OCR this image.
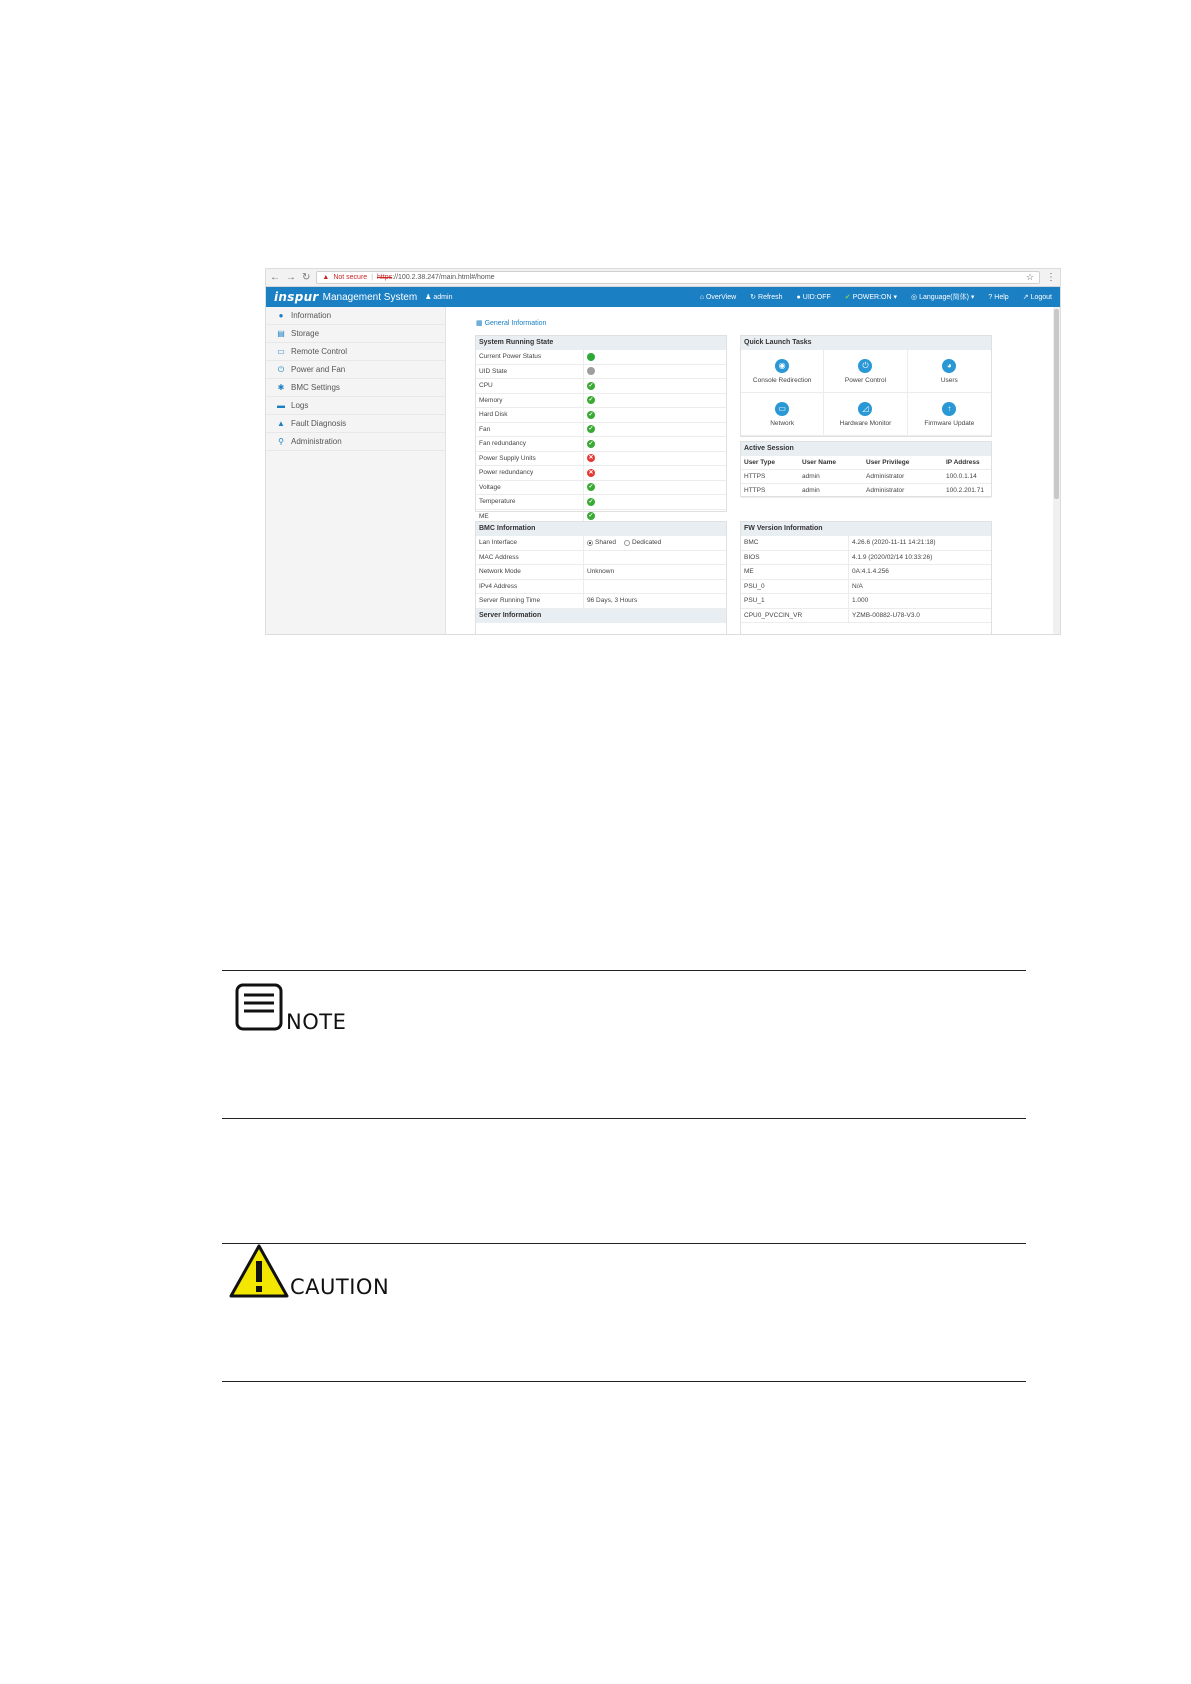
← → ↻ ▲ Not secure | https://100.2.38.247/main.html#/home	☆ ⋮
inspur Management System ♟ admin	⌂ OverView ↻ Refresh ● UID:OFF ✔ POWER:ON ▾ ◎ Language(简体) ▾ ? Help ↗ Logout
● Information
▤ Storage
▭ Remote Control
⏻ Power and Fan
✱ BMC Settings
▬ Logs
▲ Fault Diagnosis
⚲ Administration
▦ General Information
System Running State
Current Power Status
UID State
CPU	✓
Memory	✓
Hard Disk	✓
Fan	✓
Fan redundancy	✓
Power Supply Units	✕
Power redundancy	✕
Voltage	✓
Temperature	✓
ME	✓
Quick Launch Tasks
◉
Console Redirection
⏻
Power Control
◕
Users
▭
Network
◿
Hardware Monitor
↑
Firmware Update
Active Session
User Type	User Name	User Privilege	IP Address
HTTPS	admin	Administrator	100.0.1.14
HTTPS	admin	Administrator	100.2.201.71
BMC Information
Lan Interface	Shared	Dedicated
MAC Address
Network Mode	Unknown
IPv4 Address
Server Running Time	96 Days, 3 Hours
Server Information
FW Version Information
BMC	4.26.6 (2020-11-11 14:21:18)
BIOS	4.1.9 (2020/02/14 10:33:26)
ME	0A:4.1.4.256
PSU_0	N/A
PSU_1	1.000
CPU0_PVCCIN_VR	YZMB-00882-U78-V3.0
NOTE
CAUTION
